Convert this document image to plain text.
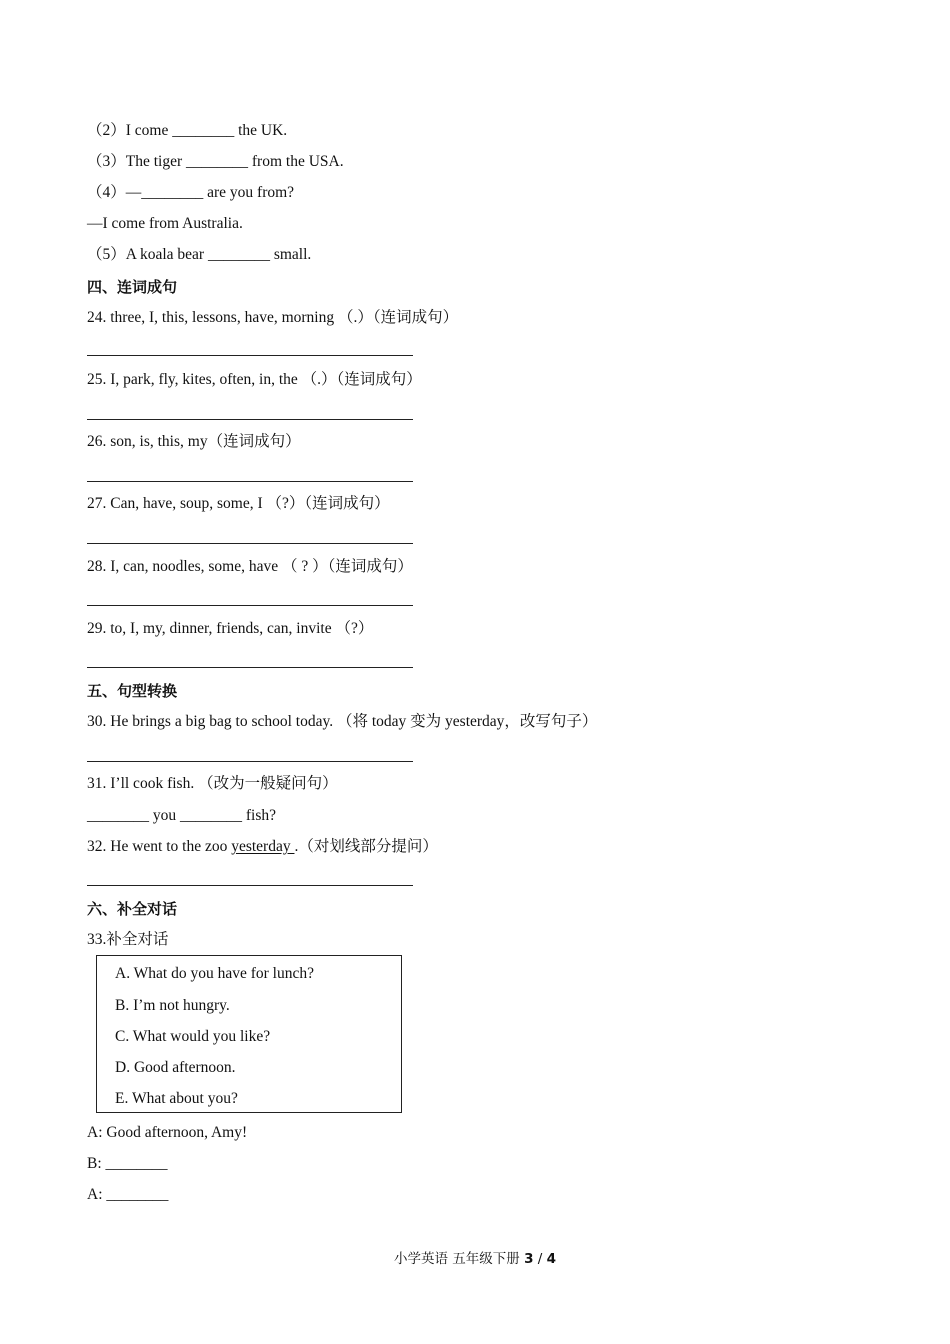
（2）I come ________ the UK.
（3）The tiger ________ from the USA.
（4）—________ are you from?
—I come from Australia.
（5）A koala bear ________ small.
四、连词成句
24. three, I, this, lessons, have, morning （.）（连词成句）
25. I, park, fly, kites, often, in, the （.）（连词成句）
26. son, is, this, my（连词成句）
27. Can, have, soup, some, I （?）（连词成句）
28. I, can, noodles, some, have （ ? ）（连词成句）
29. to, I, my, dinner, friends, can, invite （?）
五、句型转换
30. He brings a big bag to school today. （将 today 变为 yesterday，改写句子）
31. I’ll cook fish. （改为一般疑问句）
________ you ________ fish?
32. He went to the zoo yesterday .（对划线部分提问）
六、补全对话
33.补全对话
A. What do you have for lunch?
B. I’m not hungry.
C. What would you like?
D. Good afternoon.
E. What about you?
A: Good afternoon, Amy!
B: ________
A: ________
小学英语 五年级下册 3 / 4
